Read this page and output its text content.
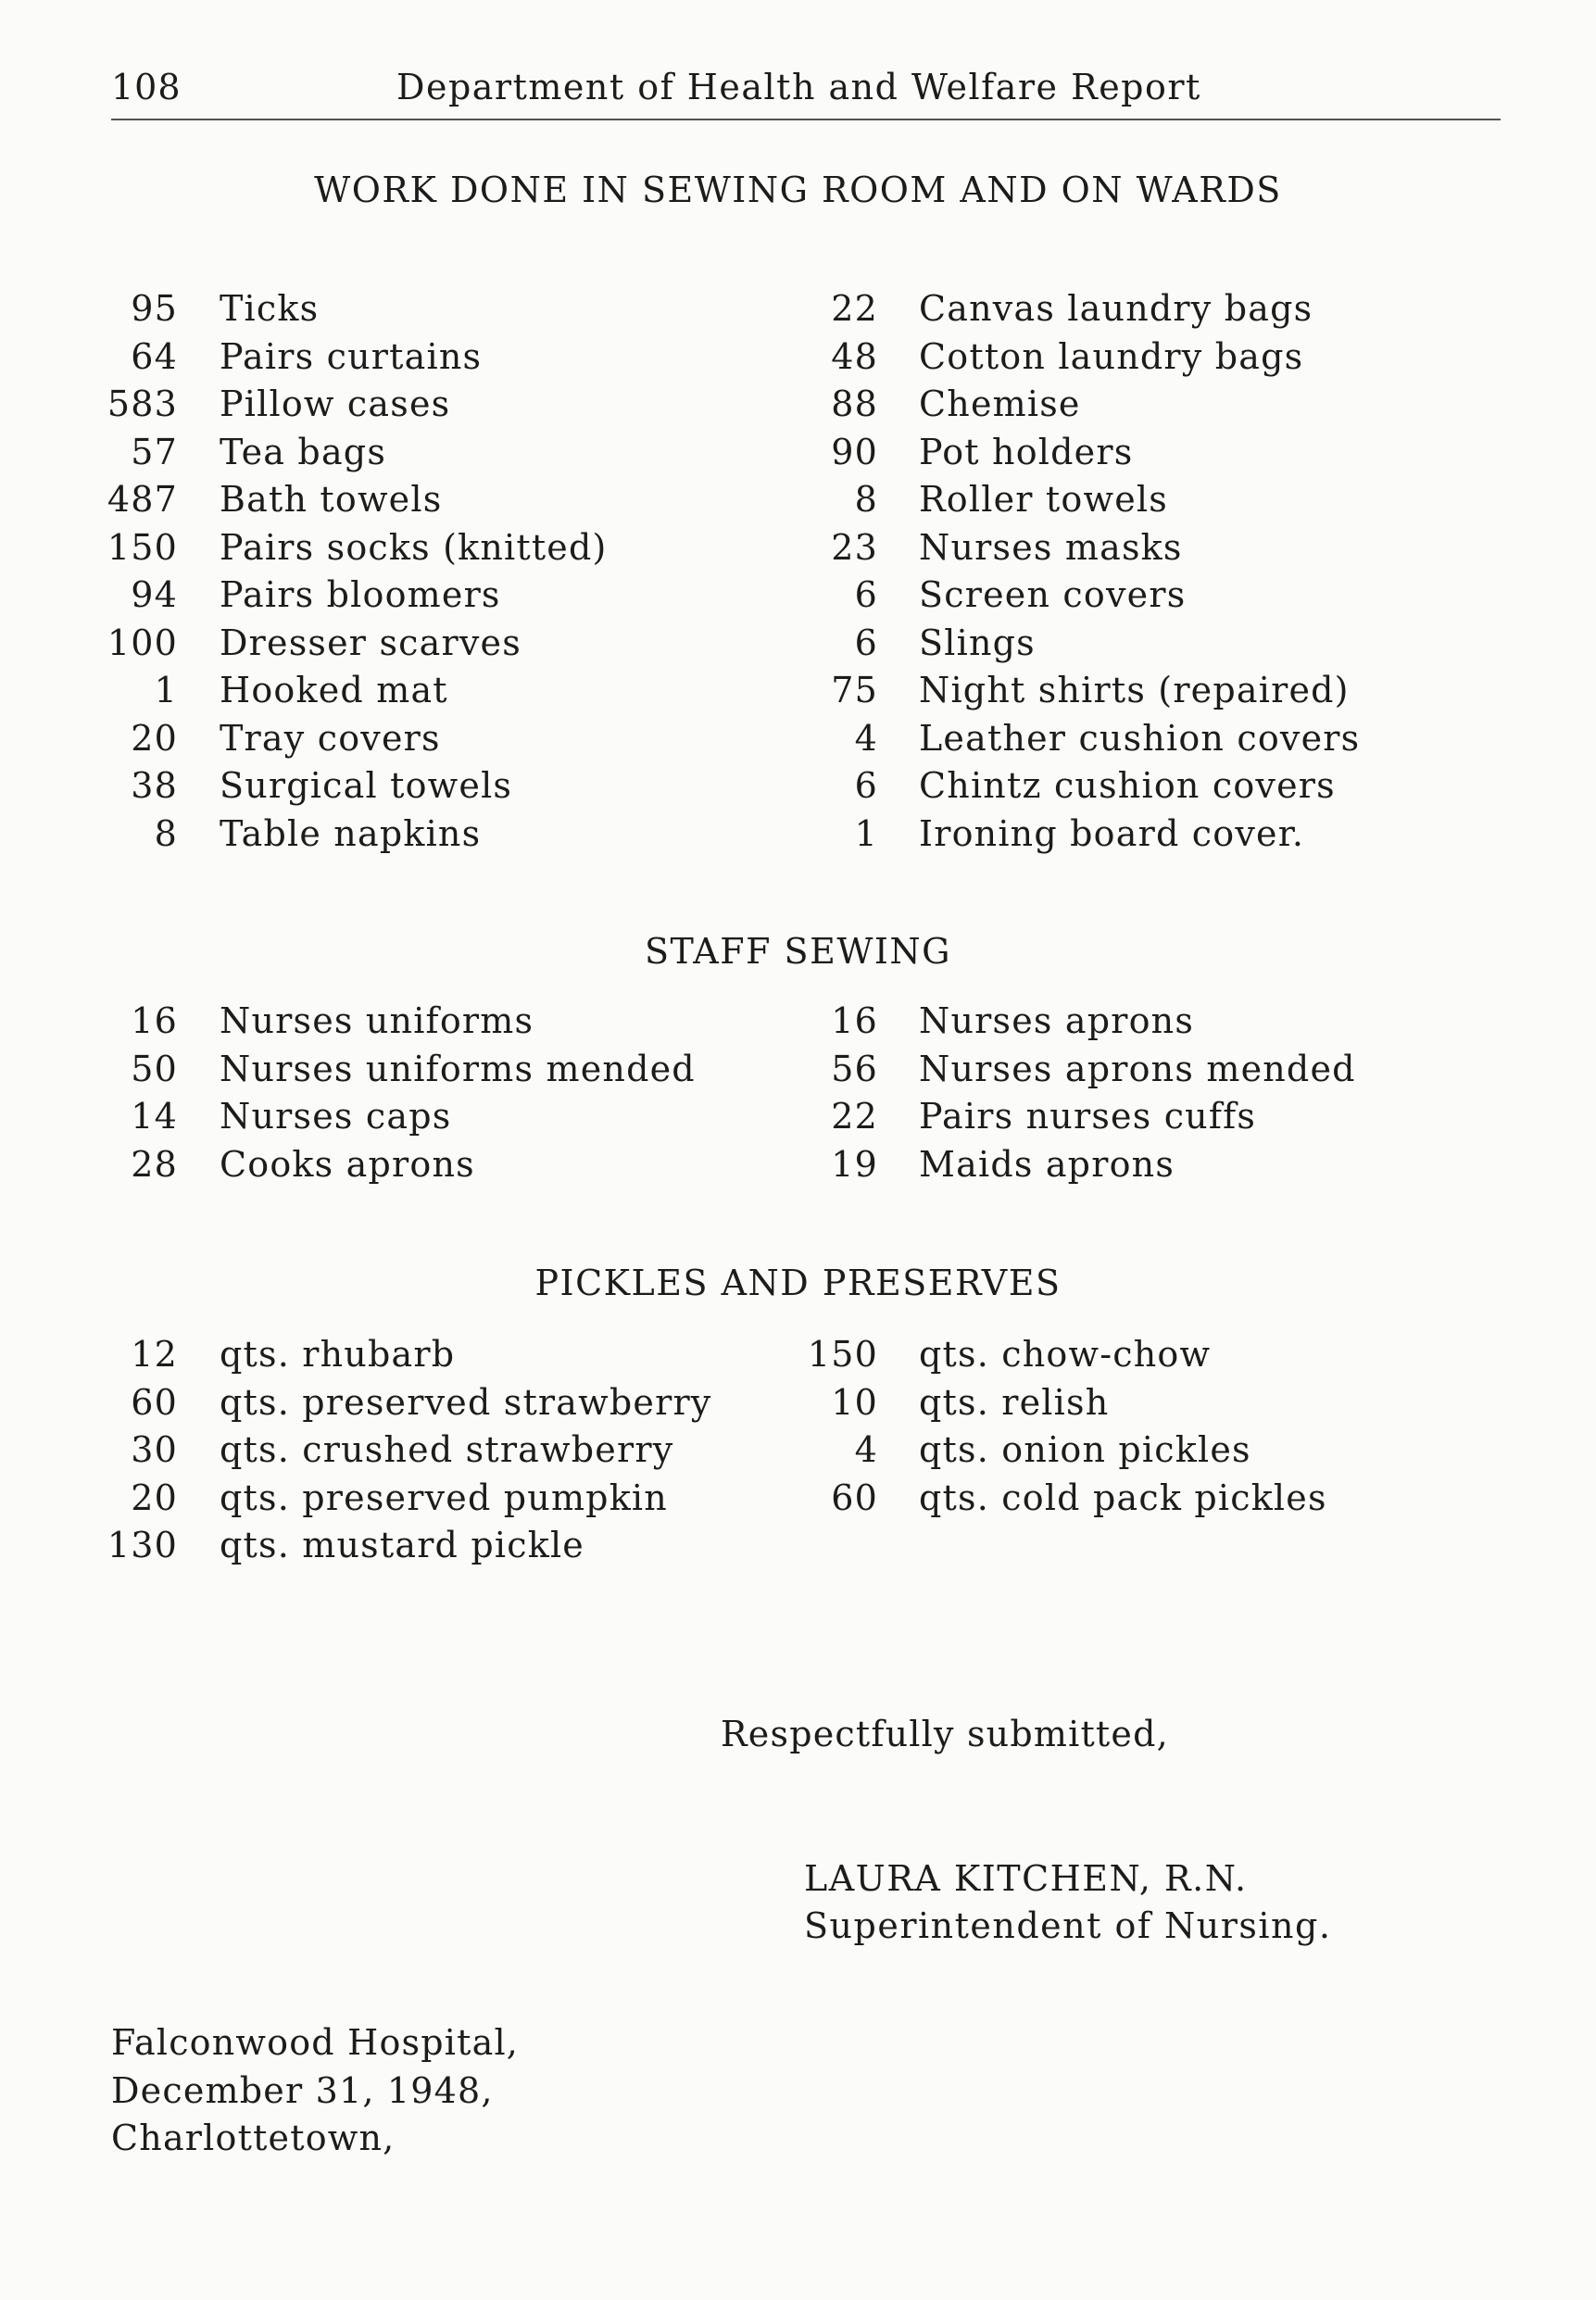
108	Department of Health and Welfare Report
WORK DONE IN SEWING ROOM AND ON WARDS
95 Ticks
64 Pairs curtains
583 Pillow cases
57 Tea bags
487 Bath towels
150 Pairs socks (knitted)
94 Pairs bloomers
100 Dresser scarves
1 Hooked mat
20 Tray covers
38 Surgical towels
8 Table napkins
22 Canvas laundry bags
48 Cotton laundry bags
88 Chemise
90 Pot holders
8 Roller towels
23 Nurses masks
6 Screen covers
6 Slings
75 Night shirts (repaired)
4 Leather cushion covers
6 Chintz cushion covers
1 Ironing board cover.
STAFF SEWING
16 Nurses uniforms
50 Nurses uniforms mended
14 Nurses caps
28 Cooks aprons
16 Nurses aprons
56 Nurses aprons mended
22 Pairs nurses cuffs
19 Maids aprons
PICKLES AND PRESERVES
12 qts. rhubarb
60 qts. preserved strawberry
30 qts. crushed strawberry
20 qts. preserved pumpkin
130 qts. mustard pickle
150 qts. chow-chow
10 qts. relish
4 qts. onion pickles
60 qts. cold pack pickles
Respectfully submitted,
LAURA KITCHEN, R.N.
Superintendent of Nursing.
Falconwood Hospital,
December 31, 1948,
Charlottetown,
